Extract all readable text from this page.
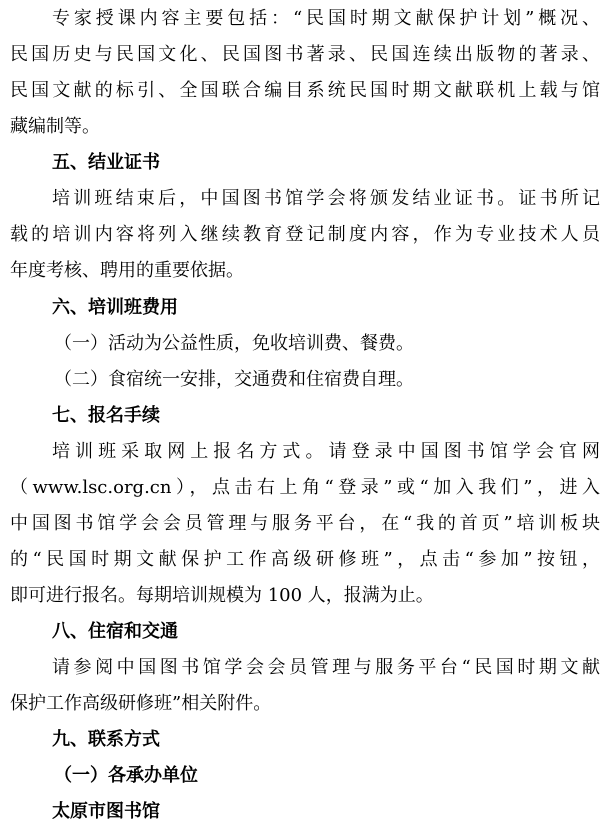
专家授课内容主要包括：“民国时期文献保护计划”概况、
民国历史与民国文化、民国图书著录、民国连续出版物的著录、
民国文献的标引、全国联合编目系统民国时期文献联机上载与馆
藏编制等。
五、结业证书
培训班结束后，中国图书馆学会将颁发结业证书。证书所记
载的培训内容将列入继续教育登记制度内容，作为专业技术人员
年度考核、聘用的重要依据。
六、培训班费用
（一）活动为公益性质，免收培训费、餐费。
（二）食宿统一安排，交通费和住宿费自理。
七、报名手续
培训班采取网上报名方式。请登录中国图书馆学会官网
（www.lsc.org.cn），点击右上角“登录”或“加入我们”，进入
中国图书馆学会会员管理与服务平台，在“我的首页”培训板块
的“民国时期文献保护工作高级研修班”，点击“参加”按钮，
即可进行报名。每期培训规模为 100 人，报满为止。
八、住宿和交通
请参阅中国图书馆学会会员管理与服务平台“民国时期文献
保护工作高级研修班”相关附件。
九、联系方式
（一）各承办单位
太原市图书馆
